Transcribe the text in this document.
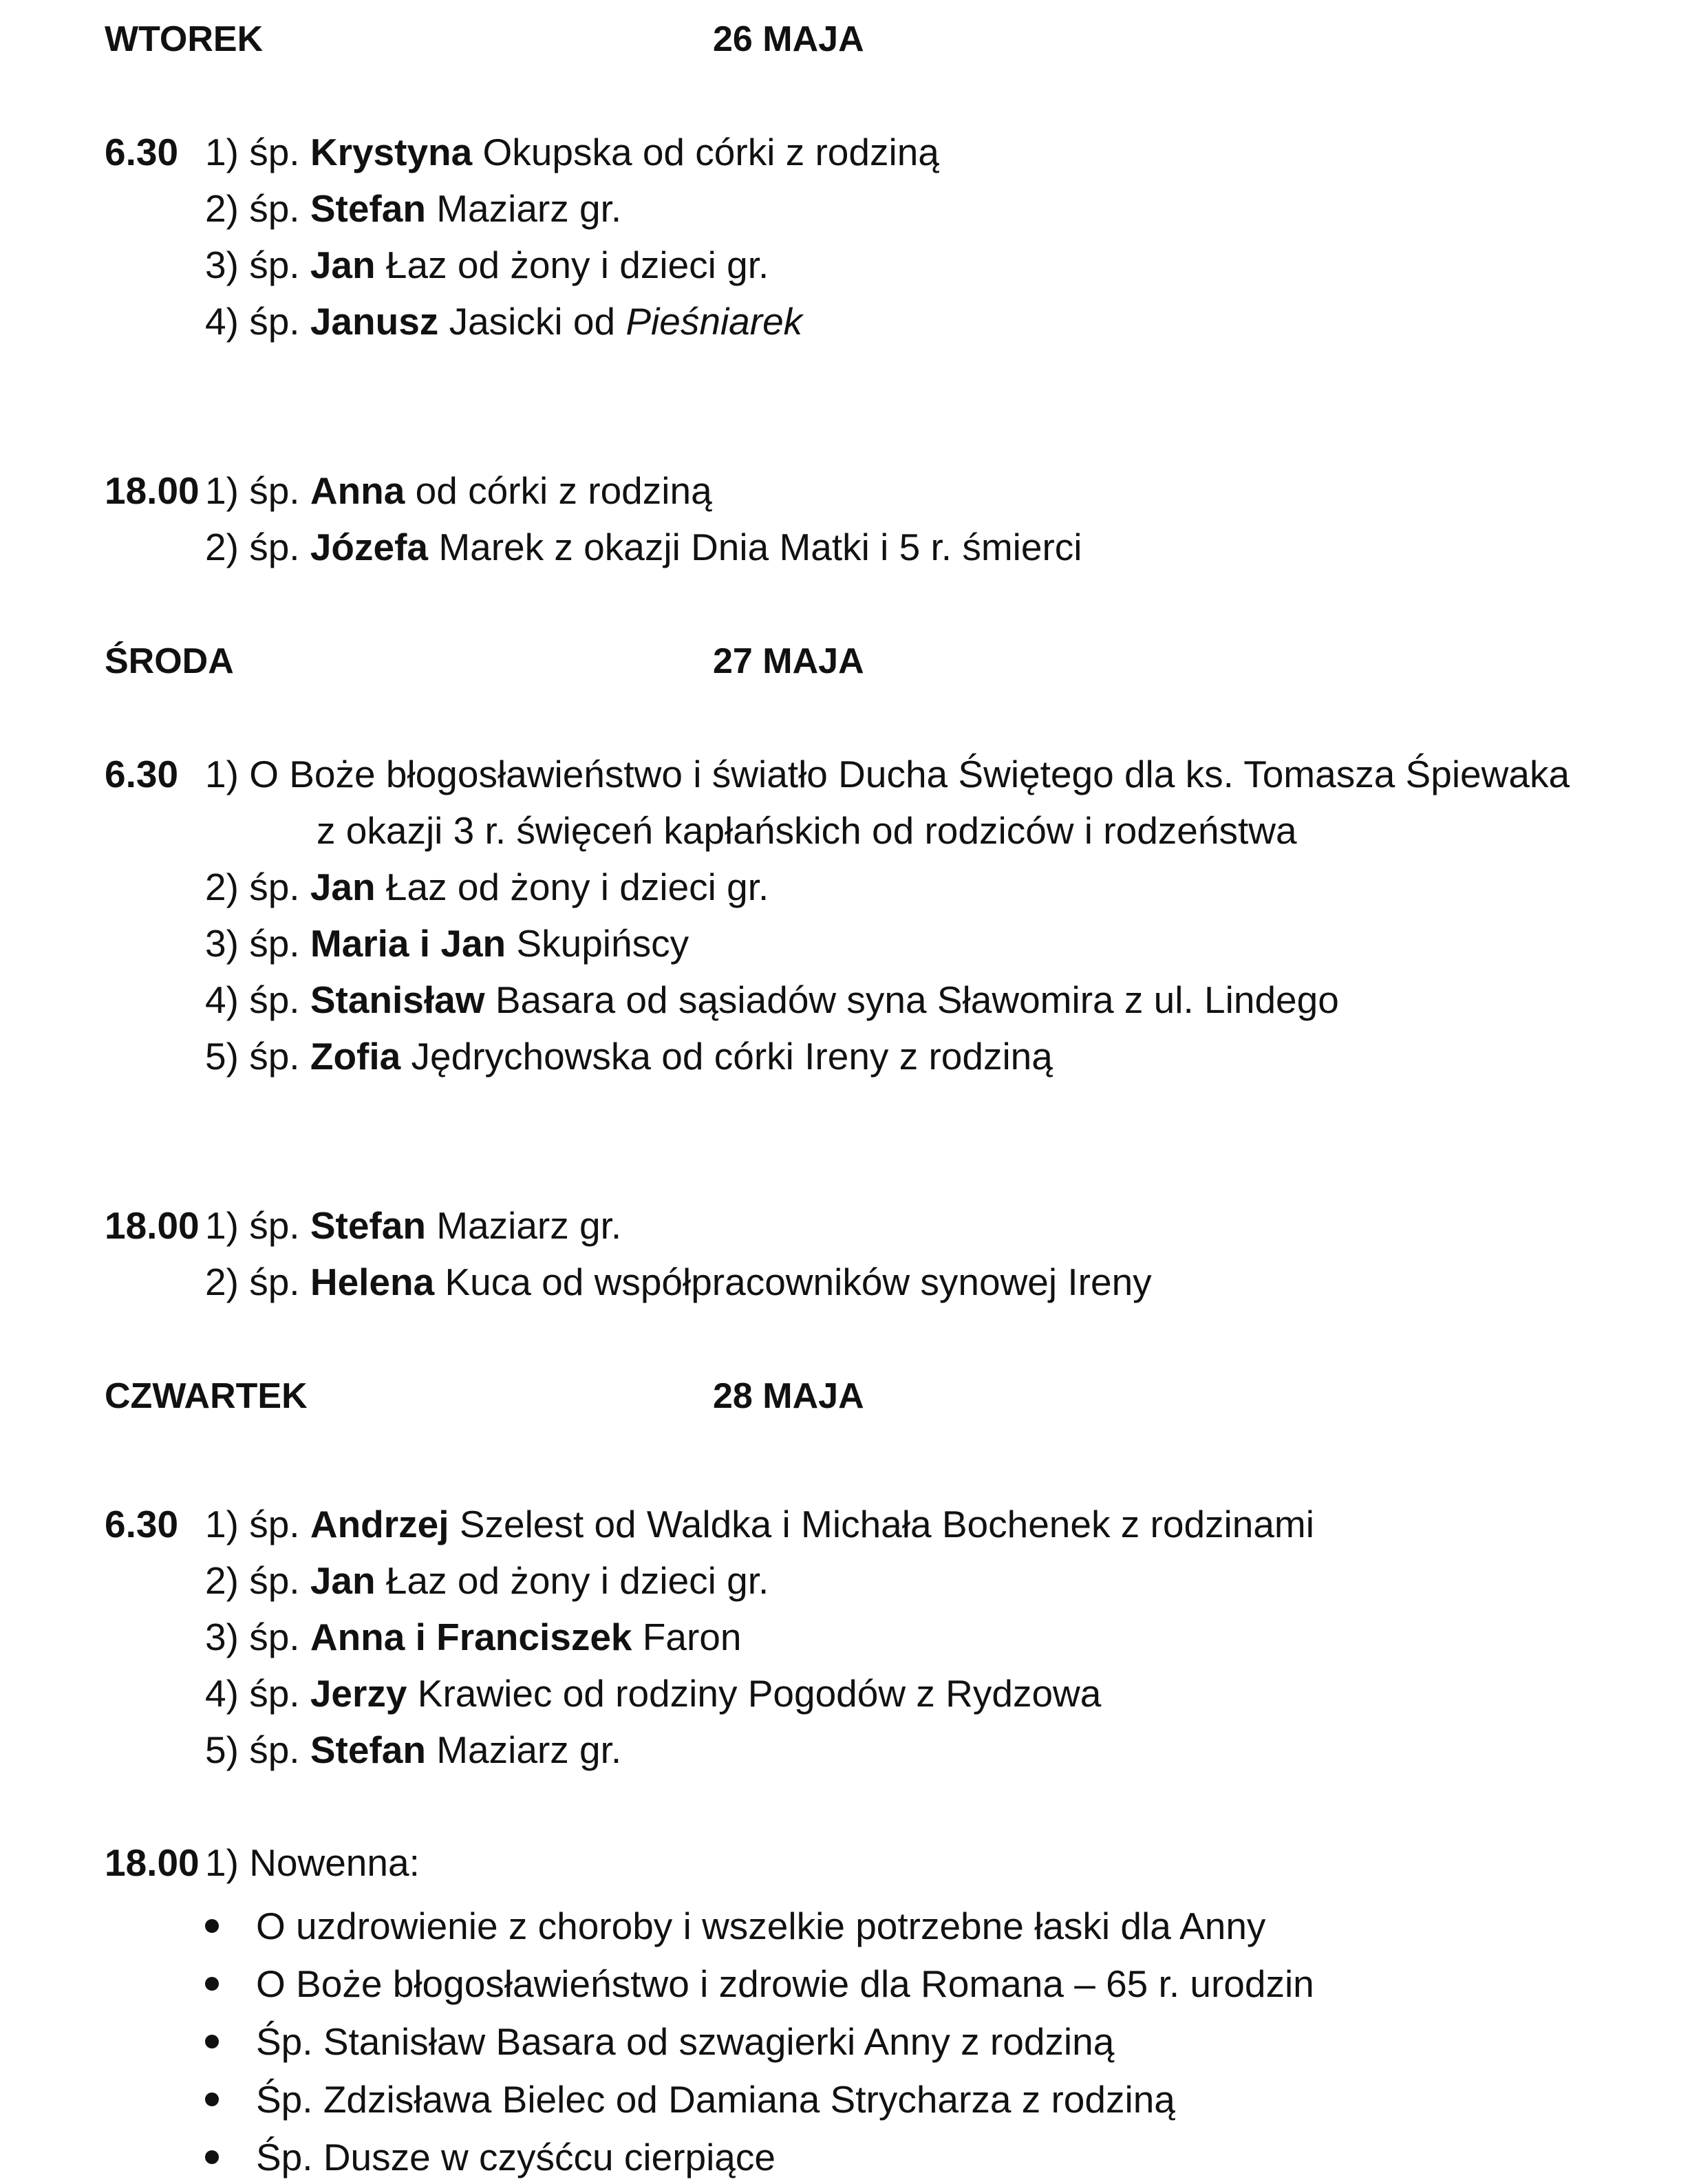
WTOREK	26 MAJA
6.30 1) śp. Krystyna Okupska od córki z rodziną
2) śp. Stefan Maziarz gr.
3) śp. Jan Łaz od żony i dzieci gr.
4) śp. Janusz Jasicki od Pieśniarek
18.00 1) śp. Anna od córki z rodziną
2) śp. Józefa Marek z okazji Dnia Matki i 5 r. śmierci
ŚRODA	27 MAJA
6.30 1) O Boże błogosławieństwo i światło Ducha Świętego dla ks. Tomasza Śpiewaka
z okazji 3 r. święceń kapłańskich od rodziców i rodzeństwa
2) śp. Jan Łaz od żony i dzieci gr.
3) śp. Maria i Jan Skupińscy
4) śp. Stanisław Basara od sąsiadów syna Sławomira z ul. Lindego
5) śp. Zofia Jędrychowska od córki Ireny z rodziną
18.00 1) śp. Stefan Maziarz gr.
2) śp. Helena Kuca od współpracowników synowej Ireny
CZWARTEK	28 MAJA
6.30 1) śp. Andrzej Szelest od Waldka i Michała Bochenek z rodzinami
2) śp. Jan Łaz od żony i dzieci gr.
3) śp. Anna i Franciszek Faron
4) śp. Jerzy Krawiec od rodziny Pogodów z Rydzowa
5) śp. Stefan Maziarz gr.
18.00 1) Nowenna:
O uzdrowienie z choroby i wszelkie potrzebne łaski dla Anny
O Boże błogosławieństwo i zdrowie dla Romana – 65 r. urodzin
Śp. Stanisław Basara od szwagierki Anny z rodziną
Śp. Zdzisława Bielec od Damiana Strycharza z rodziną
Śp. Dusze w czyśćcu cierpiące
